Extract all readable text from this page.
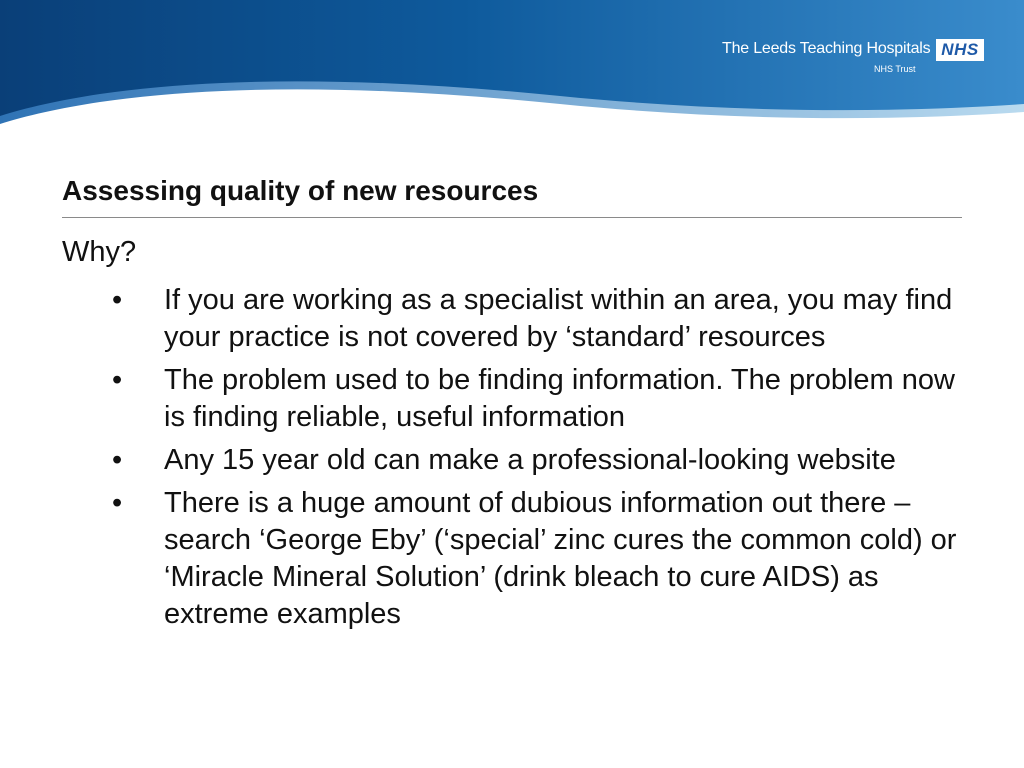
The Leeds Teaching Hospitals
NHS Trust
NHS
Assessing quality of new resources
Why?
•	If you are working as a specialist within an area, you may find your practice is not covered by ‘standard’ resources
•	The problem used to be finding information. The problem now is finding reliable, useful information
•	Any 15 year old can make a professional-looking website
•	There is a huge amount of dubious information out there – search ‘George Eby’ (‘special’ zinc cures the common cold) or ‘Miracle Mineral Solution’ (drink bleach to cure AIDS) as extreme examples
